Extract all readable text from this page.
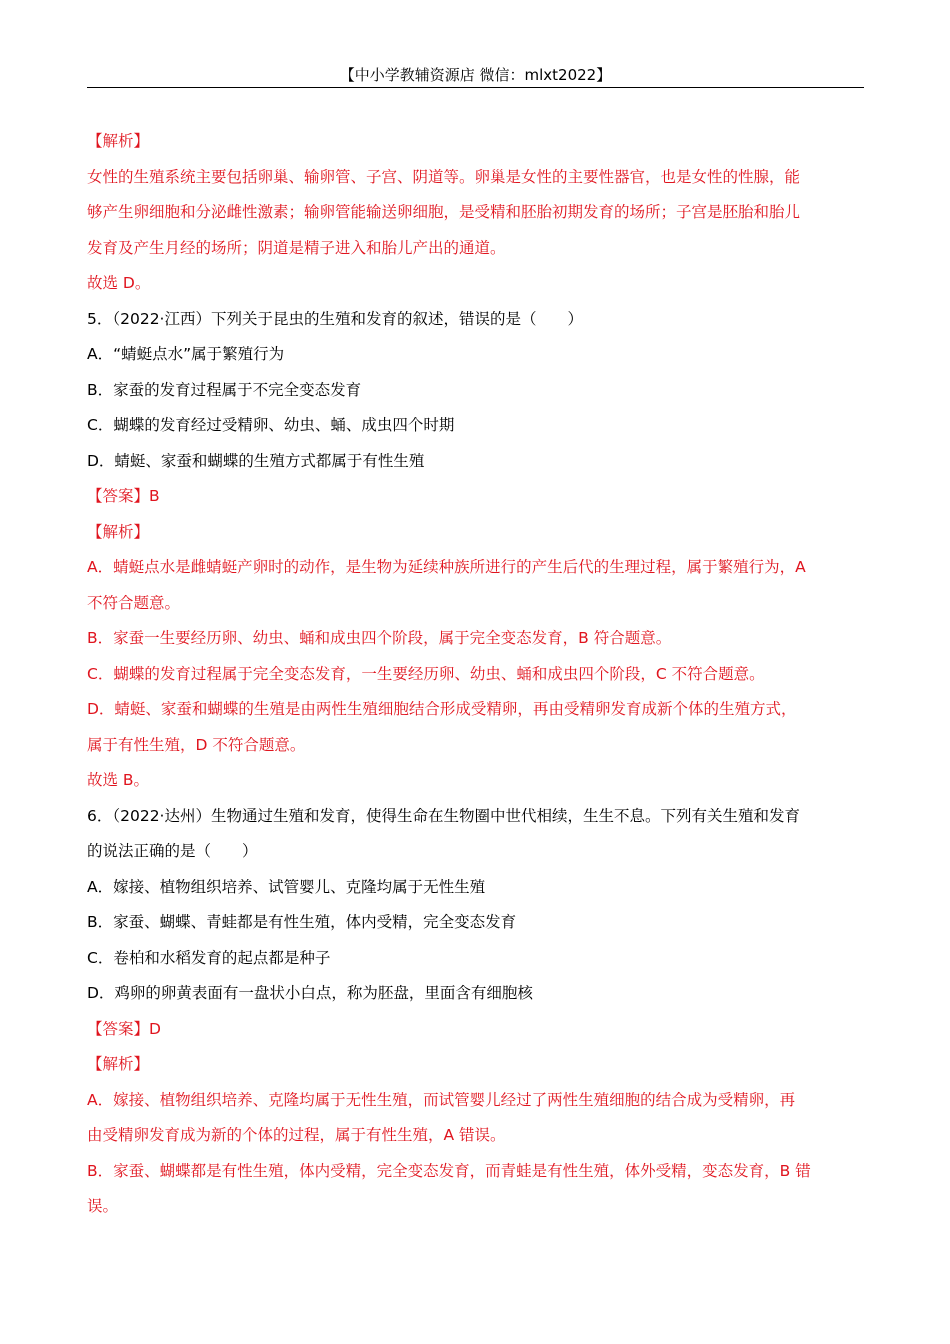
【中小学教辅资源店 微信：mlxt2022】
【解析】
女性的生殖系统主要包括卵巢、输卵管、子宫、阴道等。卵巢是女性的主要性器官，也是女性的性腺，能
够产生卵细胞和分泌雌性激素；输卵管能输送卵细胞，是受精和胚胎初期发育的场所；子宫是胚胎和胎儿
发育及产生月经的场所；阴道是精子进入和胎儿产出的通道。
故选 D。
5．（2022·江西）下列关于昆虫的生殖和发育的叙述，错误的是（　　）
A．“蜻蜓点水”属于繁殖行为
B．家蚕的发育过程属于不完全变态发育
C．蝴蝶的发育经过受精卵、幼虫、蛹、成虫四个时期
D．蜻蜓、家蚕和蝴蝶的生殖方式都属于有性生殖
【答案】B
【解析】
A．蜻蜓点水是雌蜻蜓产卵时的动作，是生物为延续种族所进行的产生后代的生理过程，属于繁殖行为，A
不符合题意。
B．家蚕一生要经历卵、幼虫、蛹和成虫四个阶段，属于完全变态发育，B 符合题意。
C．蝴蝶的发育过程属于完全变态发育，一生要经历卵、幼虫、蛹和成虫四个阶段，C 不符合题意。
D．蜻蜓、家蚕和蝴蝶的生殖是由两性生殖细胞结合形成受精卵，再由受精卵发育成新个体的生殖方式，
属于有性生殖，D 不符合题意。
故选 B。
6．（2022·达州）生物通过生殖和发育，使得生命在生物圈中世代相续，生生不息。下列有关生殖和发育
的说法正确的是（　　）
A．嫁接、植物组织培养、试管婴儿、克隆均属于无性生殖
B．家蚕、蝴蝶、青蛙都是有性生殖，体内受精，完全变态发育
C．卷柏和水稻发育的起点都是种子
D．鸡卵的卵黄表面有一盘状小白点，称为胚盘，里面含有细胞核
【答案】D
【解析】
A．嫁接、植物组织培养、克隆均属于无性生殖，而试管婴儿经过了两性生殖细胞的结合成为受精卵，再
由受精卵发育成为新的个体的过程，属于有性生殖，A 错误。
B．家蚕、蝴蝶都是有性生殖，体内受精，完全变态发育，而青蛙是有性生殖，体外受精，变态发育，B 错
误。
